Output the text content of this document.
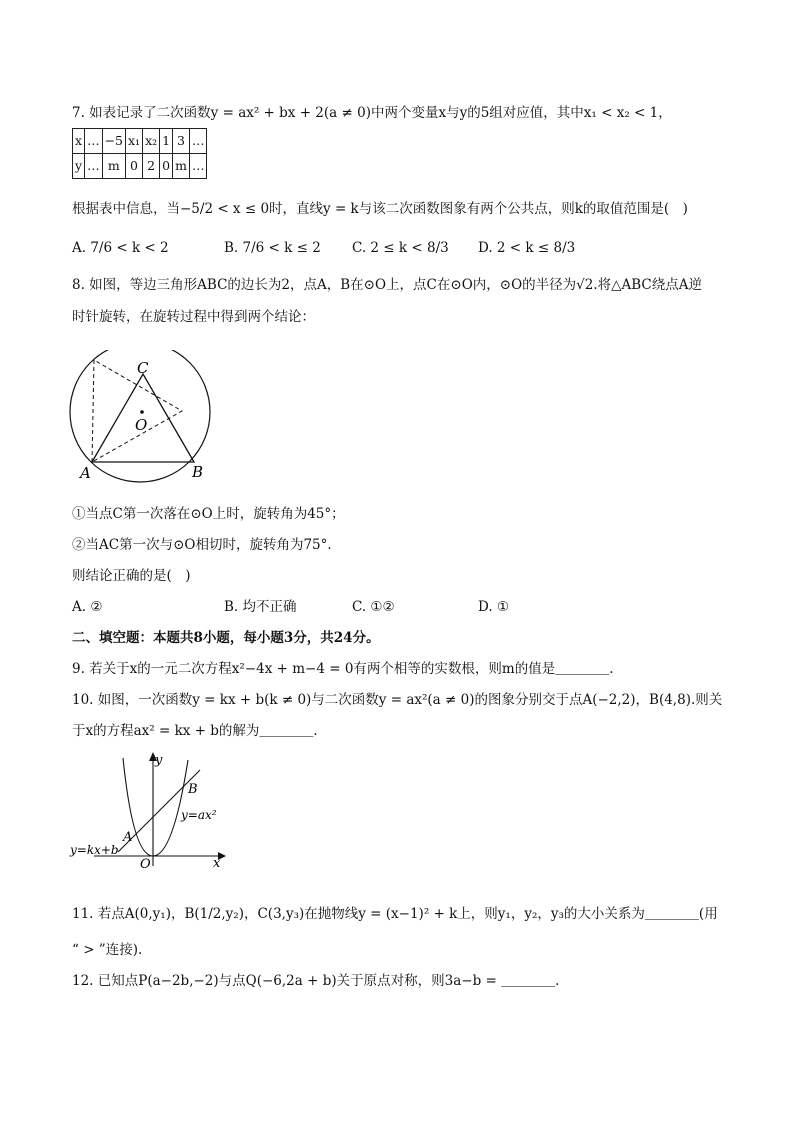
7. 如表记录了二次函数y = ax² + bx + 2(a ≠ 0)中两个变量x与y的5组对应值，其中x₁ < x₂ < 1，
x	…	−5	x₁	x₂	1	3	…
y	…	m	0	2	0	m	…
根据表中信息，当−5/2 < x ≤ 0时，直线y = k与该二次函数图象有两个公共点，则k的取值范围是(　)
A. 7/6 < k < 2	B. 7/6 < k ≤ 2 C. 2 ≤ k < 8/3 D. 2 < k ≤ 8/3
8. 如图，等边三角形ABC的边长为2，点A，B在⊙O上，点C在⊙O内，⊙O的半径为√2.将△ABC绕点A逆
时针旋转，在旋转过程中得到两个结论：
C
O
A	B
①当点C第一次落在⊙O上时，旋转角为45°；
②当AC第一次与⊙O相切时，旋转角为75°.
则结论正确的是(　)
A. ②	B. 均不正确	C. ①②	D. ①
二、填空题：本题共8小题，每小题3分，共24分。
9. 若关于x的一元二次方程x²−4x + m−4 = 0有两个相等的实数根，则m的值是＿＿＿＿.
10. 如图，一次函数y = kx + b(k ≠ 0)与二次函数y = ax²(a ≠ 0)的图象分别交于点A(−2,2)，B(4,8).则关
于x的方程ax² = kx + b的解为＿＿＿＿.
y
x
O
A
B
y=ax²
y=kx+b
11. 若点A(0,y₁)，B(1/2,y₂)，C(3,y₃)在抛物线y = (x−1)² + k上，则y₁，y₂，y₃的大小关系为＿＿＿＿(用
“ > ”连接).
12. 已知点P(a−2b,−2)与点Q(−6,2a + b)关于原点对称，则3a−b = ＿＿＿＿.
